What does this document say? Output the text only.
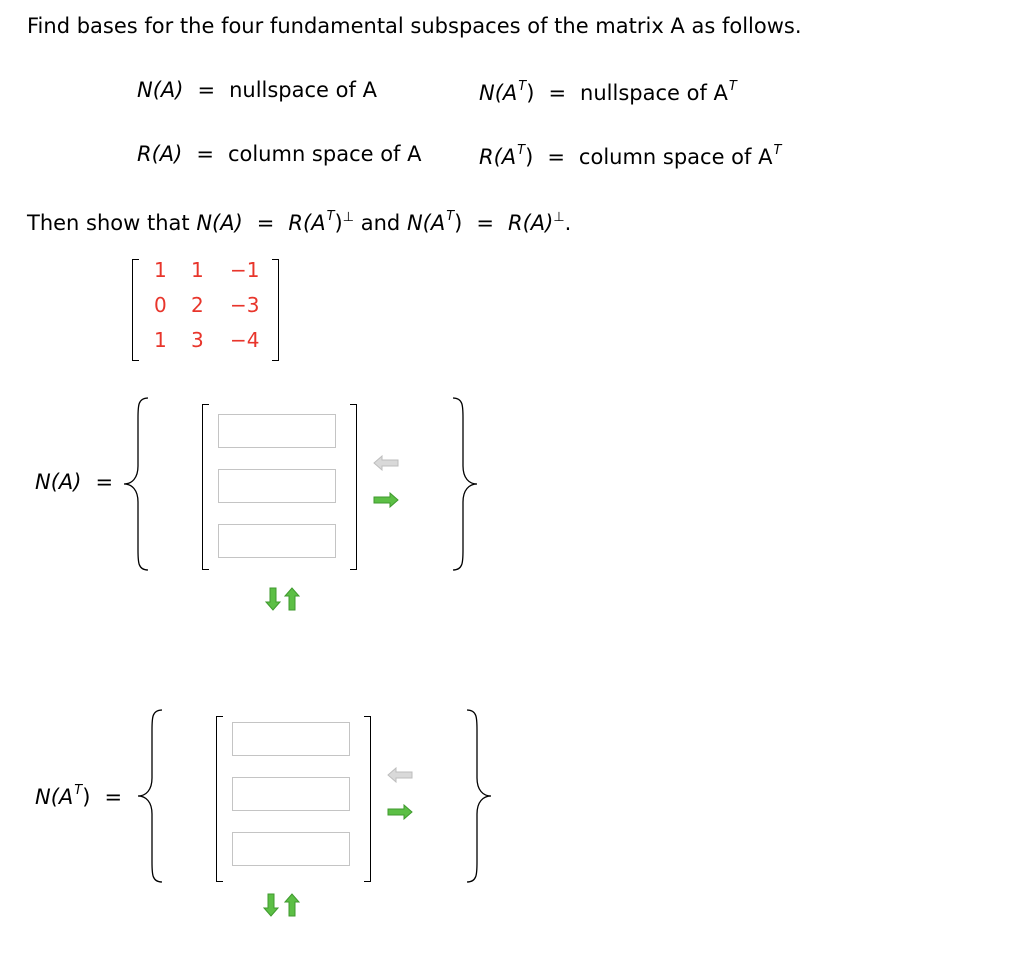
Find bases for the four fundamental subspaces of the matrix A as follows.
N(A) = nullspace of A	$N(A^T)$ = nullspace of $A^T$
R(A) = column space of A	$R(A^T)$ = column space of $A^T$
Then show that $N(A) = R(A^T)^\perp$ and $N(A^T) = R(A)^\perp$.
1 1 −1
0 2 −3
1 3 −4
N(A) =
$N(A^T)$ =
